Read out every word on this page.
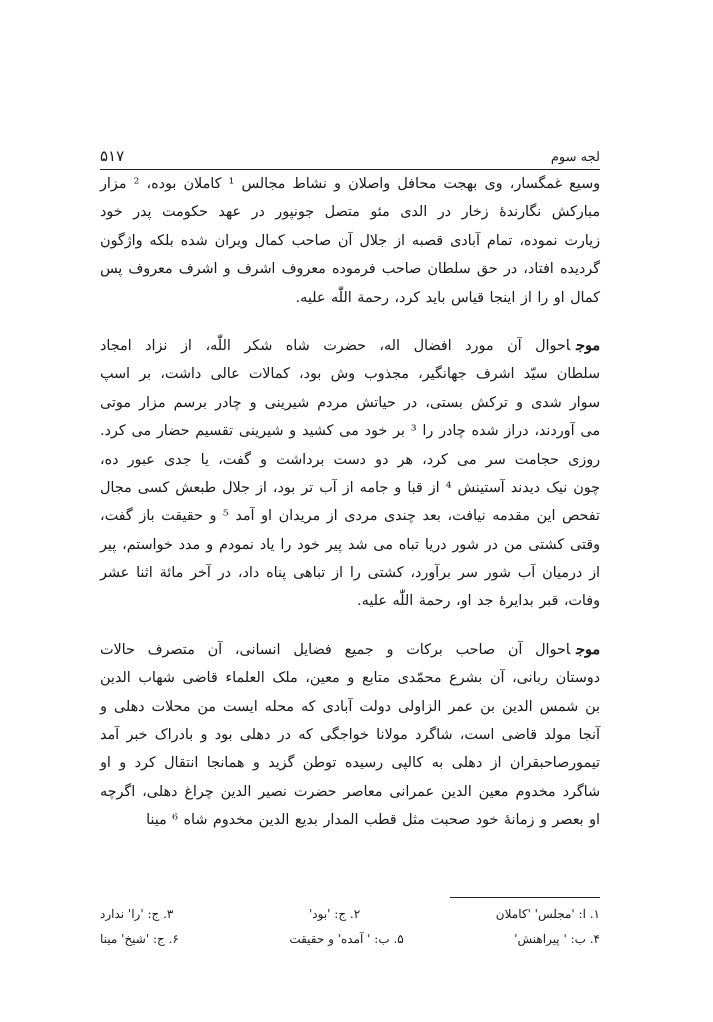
لجه سوم
۵۱۷
وسیع غمگسار، وی بهجت محافل واصلان و نشاط مجالس ¹ کاملان بوده، ² مزار
مبارکش نگارندهٔ زخار در الدی مئو متصل جونپور در عهد حکومت پدر خود
زیارت نموده، تمام آبادی قصبه از جلال آن صاحب کمال ویران شده بلکه واژگون
گردیده افتاد، در حق سلطان صاحب فرموده معروف اشرف و اشرف معروف پس
کمال او را از اینجا قیاس باید کرد، رحمة اللّٰه علیه.
موجاحوال آن مورد افضال اله، حضرت شاه شکر اللّٰه، از نزاد امجاد
سلطان سیّد اشرف جهانگیر، مجذوب وش بود، کمالات عالی داشت، بر اسپ
سوار شدی و ترکش بستی، در حیاتش مردم شیرینی و چادر برسم مزار موتی
می آوردند، دراز شده چادر را ³ بر خود می کشید و شیرینی تقسیم حضار می کرد.
روزی حجامت سر می کرد، هر دو دست برداشت و گفت، یا جدی عبور ده،
چون نیک دیدند آستینش ⁴ از قبا و جامه از آب تر بود، از جلال طبعش کسی مجال
تفحص این مقدمه نیافت، بعد چندی مردی از مریدان او آمد ⁵ و حقیقت باز گفت،
وقتی کشتی من در شور دریا تباه می شد پیر خود را یاد نمودم و مدد خواستم، پیر
از درمیان آب شور سر برآورد، کشتی را از تباهی پناه داد، در آخر مائة اثنا عشر
وفات، قبر بدایرهٔ جد او، رحمة اللّٰه علیه.
موجاحوال آن صاحب برکات و جمیع فضایل انسانی، آن متصرف حالات
دوستان ربانی، آن بشرع محمّدی متابع و معین، ملک العلماء قاضی شهاب الدین
بن شمس الدین بن عمر الزاولی دولت آبادی که محله ایست من محلات دهلی و
آنجا مولد قاضی است، شاگرد مولانا خواجگی که در دهلی بود و بادراک خبر آمد
تیمورصاحبقران از دهلی به کالپی رسیده توطن گزید و همانجا انتقال کرد و او
شاگرد مخدوم معین الدین عمرانی معاصر حضرت نصیر الدین چراغ دهلی، اگرچه
او بعصر و زمانهٔ خود صحبت مثل قطب المدار بدیع الدین مخدوم شاه ⁶ مینا
۱. ا: 'مجلس' 'کاملان
۲. ج: 'بود'
۳. ج: 'را' ندارد
۴. ب: ' پیراهنش'
۵. ب: ' آمده' و حقیقت
۶. ج: 'شیخ' مینا
